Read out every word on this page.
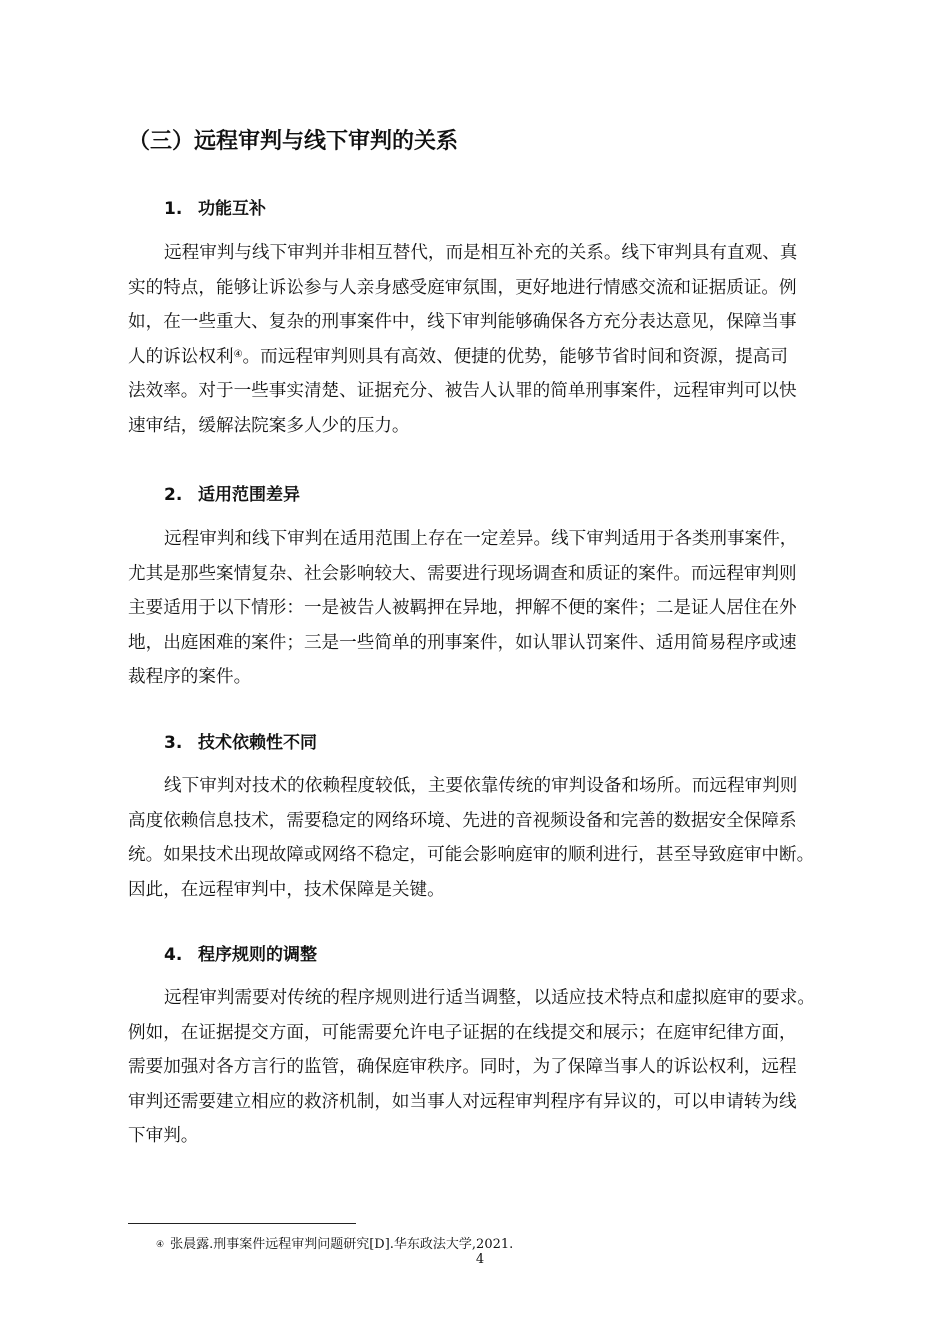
（三）远程审判与线下审判的关系
1. 功能互补
远程审判与线下审判并非相互替代，而是相互补充的关系。线下审判具有直观、真
实的特点，能够让诉讼参与人亲身感受庭审氛围，更好地进行情感交流和证据质证。例
如，在一些重大、复杂的刑事案件中，线下审判能够确保各方充分表达意见，保障当事
人的诉讼权利④。而远程审判则具有高效、便捷的优势，能够节省时间和资源，提高司
法效率。对于一些事实清楚、证据充分、被告人认罪的简单刑事案件，远程审判可以快
速审结，缓解法院案多人少的压力。
2. 适用范围差异
远程审判和线下审判在适用范围上存在一定差异。线下审判适用于各类刑事案件，
尤其是那些案情复杂、社会影响较大、需要进行现场调查和质证的案件。而远程审判则
主要适用于以下情形：一是被告人被羁押在异地，押解不便的案件；二是证人居住在外
地，出庭困难的案件；三是一些简单的刑事案件，如认罪认罚案件、适用简易程序或速
裁程序的案件。
3. 技术依赖性不同
线下审判对技术的依赖程度较低，主要依靠传统的审判设备和场所。而远程审判则
高度依赖信息技术，需要稳定的网络环境、先进的音视频设备和完善的数据安全保障系
统。如果技术出现故障或网络不稳定，可能会影响庭审的顺利进行，甚至导致庭审中断。
因此，在远程审判中，技术保障是关键。
4. 程序规则的调整
远程审判需要对传统的程序规则进行适当调整，以适应技术特点和虚拟庭审的要求。
例如，在证据提交方面，可能需要允许电子证据的在线提交和展示；在庭审纪律方面，
需要加强对各方言行的监管，确保庭审秩序。同时，为了保障当事人的诉讼权利，远程
审判还需要建立相应的救济机制，如当事人对远程审判程序有异议的，可以申请转为线
下审判。
④ 张晨露.刑事案件远程审判问题研究[D].华东政法大学,2021.
4
